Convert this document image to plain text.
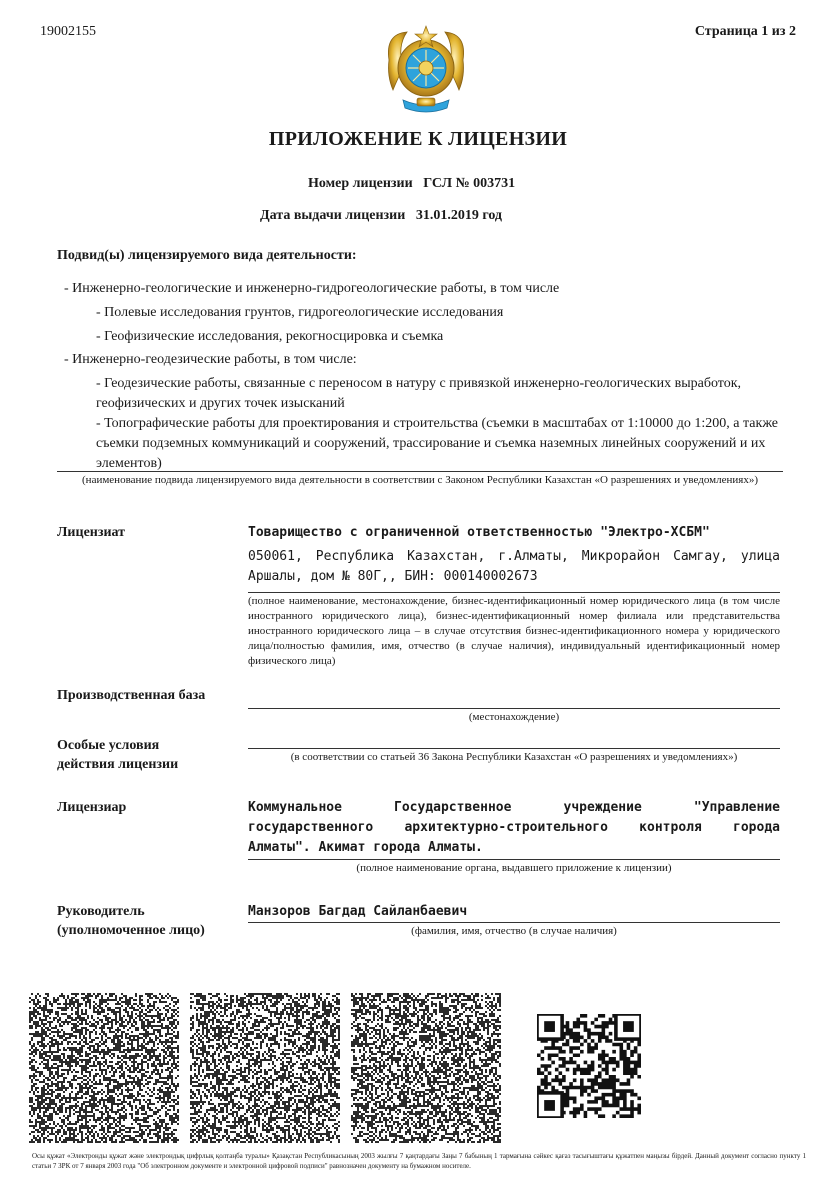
19002155	Страница 1 из 2
ПРИЛОЖЕНИЕ К ЛИЦЕНЗИИ
Номер лицензии ГСЛ № 003731
Дата выдачи лицензии 31.01.2019 год
Подвид(ы) лицензируемого вида деятельности:
- Инженерно-геологические и инженерно-гидрогеологические работы, в том числе
- Полевые исследования грунтов, гидрогеологические исследования
- Геофизические исследования, рекогносцировка и съемка
- Инженерно-геодезические работы, в том числе:
- Геодезические работы, связанные с переносом в натуру с привязкой инженерно-геологических выработок, геофизических и других точек изысканий
- Топографические работы для проектирования и строительства (съемки в масштабах от 1:10000 до 1:200, а также съемки подземных коммуникаций и сооружений, трассирование и съемка наземных линейных сооружений и их элементов)
(наименование подвида лицензируемого вида деятельности в соответствии с Законом Республики Казахстан «О разрешениях и уведомлениях»)
Лицензиат	Товарищество с ограниченной ответственностью "Электро-ХСБМ"
050061, Республика Казахстан, г.Алматы, Микрорайон Самгау, улица Аршалы, дом № 80Г,, БИН: 000140002673
(полное наименование, местонахождение, бизнес-идентификационный номер юридического лица (в том числе иностранного юридического лица), бизнес-идентификационный номер филиала или представительства иностранного юридического лица – в случае отсутствия бизнес-идентификационного номера у юридического лица/полностью фамилия, имя, отчество (в случае наличия), индивидуальный идентификационный номер физического лица)
Производственная база
(местонахождение)
Особые условия
действия лицензии	(в соответствии со статьей 36 Закона Республики Казахстан «О разрешениях и уведомлениях»)
Лицензиар	Коммунальное Государственное учреждение "Управление государственного архитектурно-строительного контроля города Алматы". Акимат города Алматы.
(полное наименование органа, выдавшего приложение к лицензии)
Руководитель
(уполномоченное лицо)
Манзоров Багдад Сайланбаевич
(фамилия, имя, отчество (в случае наличия)
Осы құжат «Электронды құжат және электрондық цифрлық қолтаңба туралы» Қазақстан Республикасының 2003 жылғы 7 қаңтардағы Заңы 7 бабының 1 тармағына сәйкес қағаз тасығыштағы құжатпен маңызы бірдей. Данный документ согласно пункту 1 статьи 7 ЗРК от 7 января 2003 года "Об электронном документе и электронной цифровой подписи" равнозначен документу на бумажном носителе.
